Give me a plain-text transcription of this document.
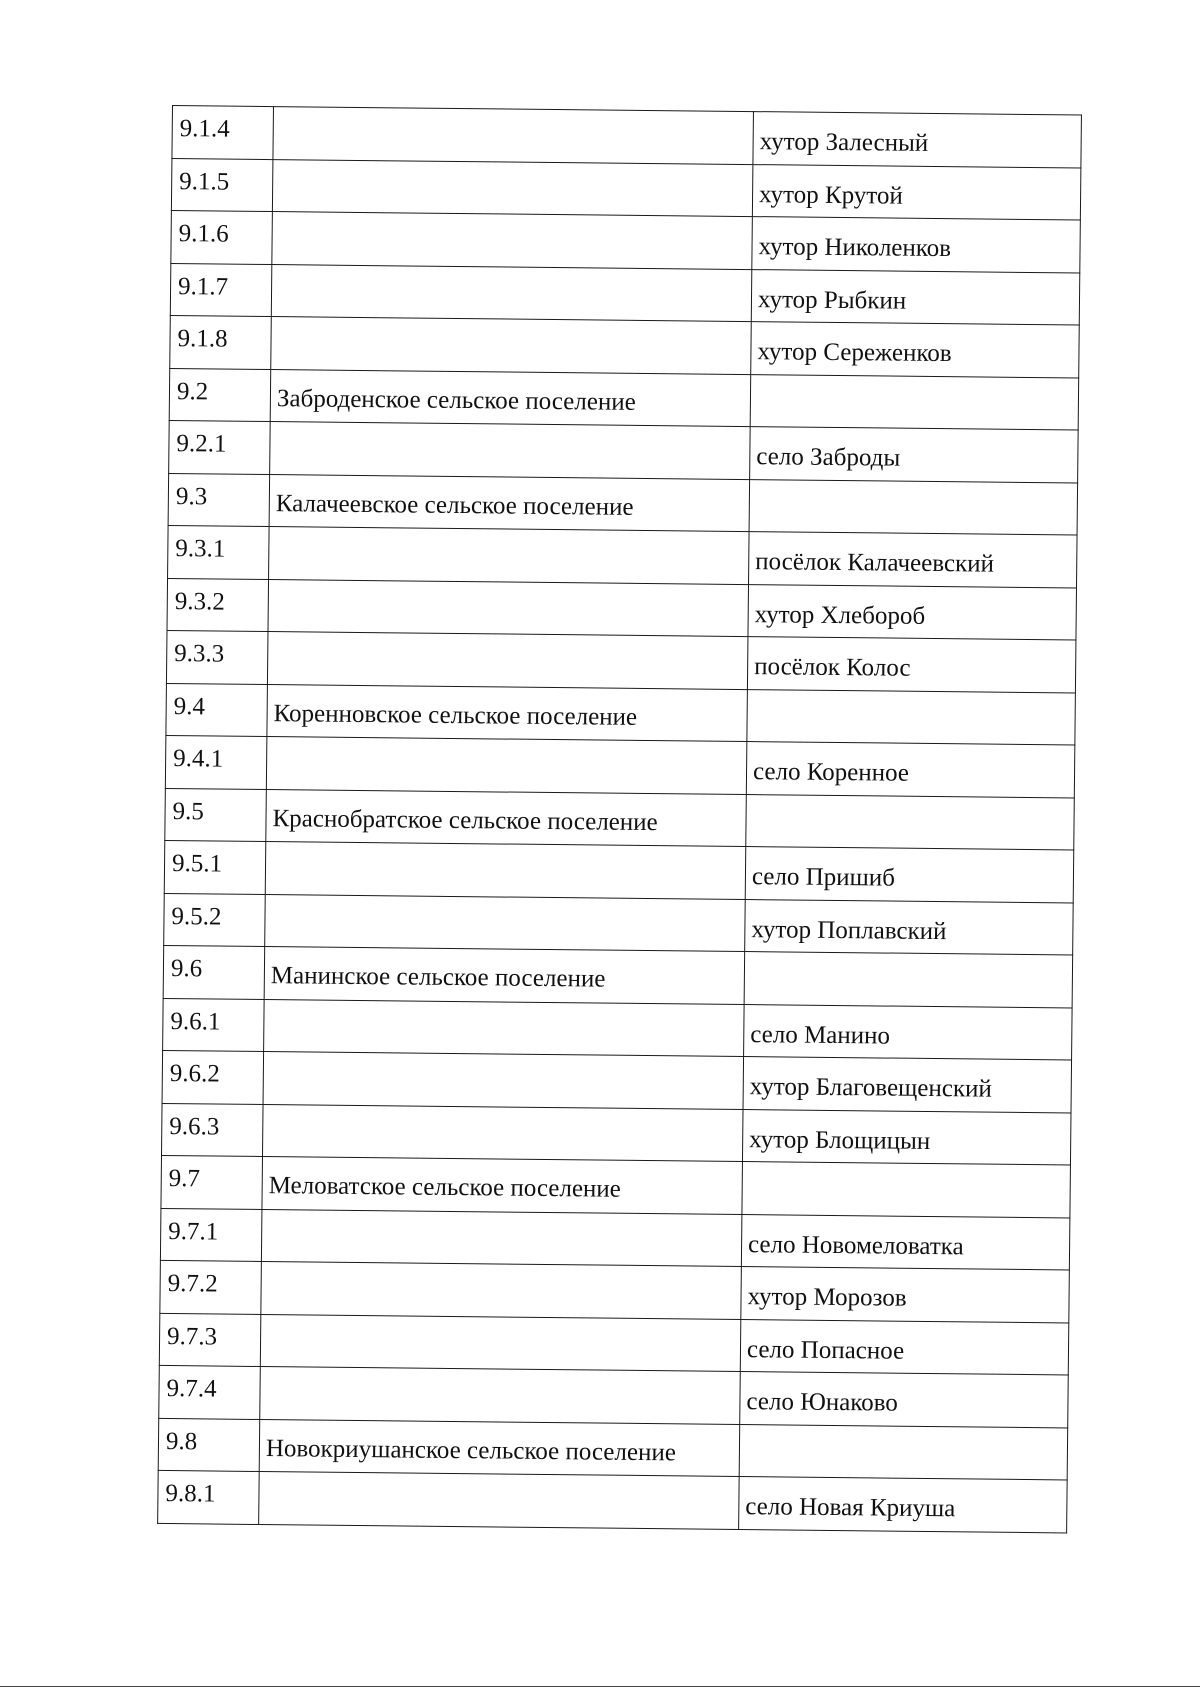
9.1.4		хутор Залесный
9.1.5		хутор Крутой
9.1.6		хутор Николенков
9.1.7		хутор Рыбкин
9.1.8		хутор Сереженков
9.2	Заброденское сельское поселение	
9.2.1		село Заброды
9.3	Калачеевское сельское поселение	
9.3.1		посёлок Калачеевский
9.3.2		хутор Хлебороб
9.3.3		посёлок Колос
9.4	Коренновское сельское поселение	
9.4.1		село Коренное
9.5	Краснобратское сельское поселение	
9.5.1		село Пришиб
9.5.2		хутор Поплавский
9.6	Манинское сельское поселение	
9.6.1		село Манино
9.6.2		хутор Благовещенский
9.6.3		хутор Блощицын
9.7	Меловатское сельское поселение	
9.7.1		село Новомеловатка
9.7.2		хутор Морозов
9.7.3		село Попасное
9.7.4		село Юнаково
9.8	Новокриушанское сельское поселение	
9.8.1		село Новая Криуша
